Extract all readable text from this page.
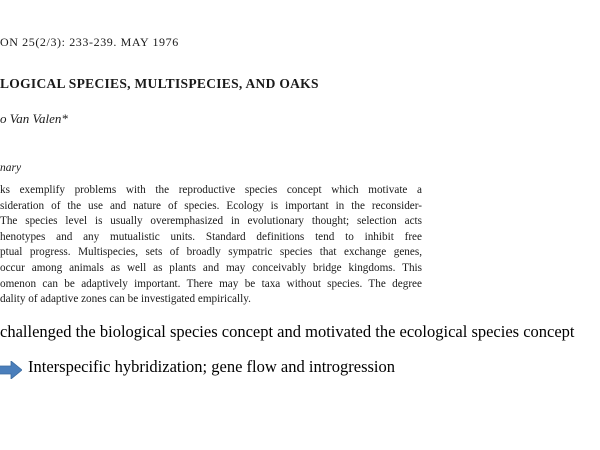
ON 25(2/3): 233-239. MAY 1976
LOGICAL SPECIES, MULTISPECIES, AND OAKS
o Van Valen*
nary
ks exemplify problems with the reproductive species concept which motivate a
sideration of the use and nature of species. Ecology is important in the reconsider-
The species level is usually overemphasized in evolutionary thought; selection acts
henotypes and any mutualistic units. Standard definitions tend to inhibit free
ptual progress. Multispecies, sets of broadly sympatric species that exchange genes,
occur among animals as well as plants and may conceivably bridge kingdoms. This
omenon can be adaptively important. There may be taxa without species. The degree
dality of adaptive zones can be investigated empirically.
challenged the biological species concept and motivated the ecological species concept
Interspecific hybridization; gene flow and introgression
